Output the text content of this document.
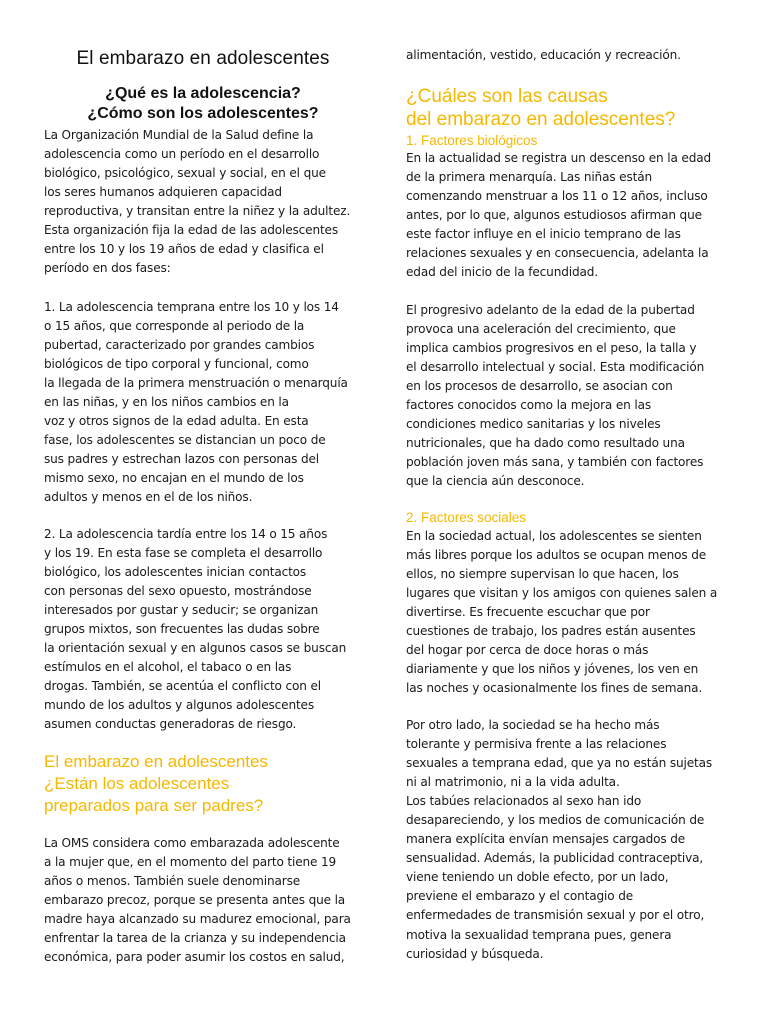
El embarazo en adolescentes
¿Qué es la adolescencia?
¿Cómo son los adolescentes?

La Organización Mundial de la Salud define la
adolescencia como un período en el desarrollo
biológico, psicológico, sexual y social, en el que
los seres humanos adquieren capacidad
reproductiva, y transitan entre la niñez y la adultez.
Esta organización fija la edad de las adolescentes
entre los 10 y los 19 años de edad y clasifica el
período en dos fases:

1. La adolescencia temprana entre los 10 y los 14
o 15 años, que corresponde al periodo de la
pubertad, caracterizado por grandes cambios
biológicos de tipo corporal y funcional, como
la llegada de la primera menstruación o menarquía
en las niñas, y en los niños cambios en la
voz y otros signos de la edad adulta. En esta
fase, los adolescentes se distancian un poco de
sus padres y estrechan lazos con personas del
mismo sexo, no encajan en el mundo de los
adultos y menos en el de los niños.

2. La adolescencia tardía entre los 14 o 15 años
y los 19. En esta fase se completa el desarrollo
biológico, los adolescentes inician contactos
con personas del sexo opuesto, mostrándose
interesados por gustar y seducir; se organizan
grupos mixtos, son frecuentes las dudas sobre
la orientación sexual y en algunos casos se buscan
estímulos en el alcohol, el tabaco o en las
drogas. También, se acentúa el conflicto con el
mundo de los adultos y algunos adolescentes
asumen conductas generadoras de riesgo.

El embarazo en adolescentes
¿Están los adolescentes
preparados para ser padres?

La OMS considera como embarazada adolescente
a la mujer que, en el momento del parto tiene 19
años o menos. También suele denominarse
embarazo precoz, porque se presenta antes que la
madre haya alcanzado su madurez emocional, para
enfrentar la tarea de la crianza y su independencia
económica, para poder asumir los costos en salud,

alimentación, vestido, educación y recreación.

¿Cuáles son las causas
del embarazo en adolescentes?
1. Factores biológicos

En la actualidad se registra un descenso en la edad
de la primera menarquía. Las niñas están
comenzando menstruar a los 11 o 12 años, incluso
antes, por lo que, algunos estudiosos afirman que
este factor influye en el inicio temprano de las
relaciones sexuales y en consecuencia, adelanta la
edad del inicio de la fecundidad.

El progresivo adelanto de la edad de la pubertad
provoca una aceleración del crecimiento, que
implica cambios progresivos en el peso, la talla y
el desarrollo intelectual y social. Esta modificación
en los procesos de desarrollo, se asocian con
factores conocidos como la mejora en las
condiciones medico sanitarias y los niveles
nutricionales, que ha dado como resultado una
población joven más sana, y también con factores
que la ciencia aún desconoce.

2. Factores sociales

En la sociedad actual, los adolescentes se sienten
más libres porque los adultos se ocupan menos de
ellos, no siempre supervisan lo que hacen, los
lugares que visitan y los amigos con quienes salen a
divertirse. Es frecuente escuchar que por
cuestiones de trabajo, los padres están ausentes
del hogar por cerca de doce horas o más
diariamente y que los niños y jóvenes, los ven en
las noches y ocasionalmente los fines de semana.

Por otro lado, la sociedad se ha hecho más
tolerante y permisiva frente a las relaciones
sexuales a temprana edad, que ya no están sujetas
ni al matrimonio, ni a la vida adulta.
Los tabúes relacionados al sexo han ido
desapareciendo, y los medios de comunicación de
manera explícita envían mensajes cargados de
sensualidad. Además, la publicidad contraceptiva,
viene teniendo un doble efecto, por un lado,
previene el embarazo y el contagio de
enfermedades de transmisión sexual y por el otro,
motiva la sexualidad temprana pues, genera
curiosidad y búsqueda.
